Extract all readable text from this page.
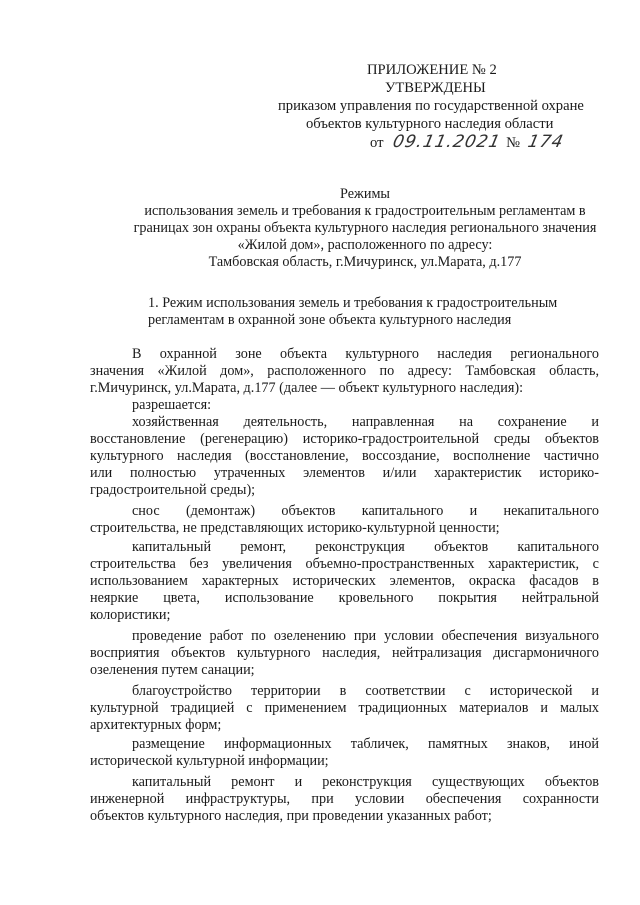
ПРИЛОЖЕНИЕ № 2
УТВЕРЖДЕНЫ
приказом управления по государственной охране
объектов культурного наследия области
от 09.11.2021 № 174
Режимы
использования земель и требования к градостроительным регламентам в
границах зон охраны объекта культурного наследия регионального значения
«Жилой дом», расположенного по адресу:
Тамбовская область, г.Мичуринск, ул.Марата, д.177
1. Режим использования земель и требования к градостроительным
регламентам в охранной зоне объекта культурного наследия
В охранной зоне объекта культурного наследия регионального
значения «Жилой дом», расположенного по адресу: Тамбовская область,
г.Мичуринск, ул.Марата, д.177 (далее — объект культурного наследия):
разрешается:
хозяйственная деятельность, направленная на сохранение и
восстановление (регенерацию) историко-градостроительной среды объектов
культурного наследия (восстановление, воссоздание, восполнение частично
или полностью утраченных элементов и/или характеристик историко-
градостроительной среды);
снос (демонтаж) объектов капитального и некапитального
строительства, не представляющих историко-культурной ценности;
капитальный ремонт, реконструкция объектов капитального
строительства без увеличения объемно-пространственных характеристик, с
использованием характерных исторических элементов, окраска фасадов в
неяркие цвета, использование кровельного покрытия нейтральной
колористики;
проведение работ по озеленению при условии обеспечения визуального
восприятия объектов культурного наследия, нейтрализация дисгармоничного
озеленения путем санации;
благоустройство территории в соответствии с исторической и
культурной традицией с применением традиционных материалов и малых
архитектурных форм;
размещение информационных табличек, памятных знаков, иной
исторической культурной информации;
капитальный ремонт и реконструкция существующих объектов
инженерной инфраструктуры, при условии обеспечения сохранности
объектов культурного наследия, при проведении указанных работ;
